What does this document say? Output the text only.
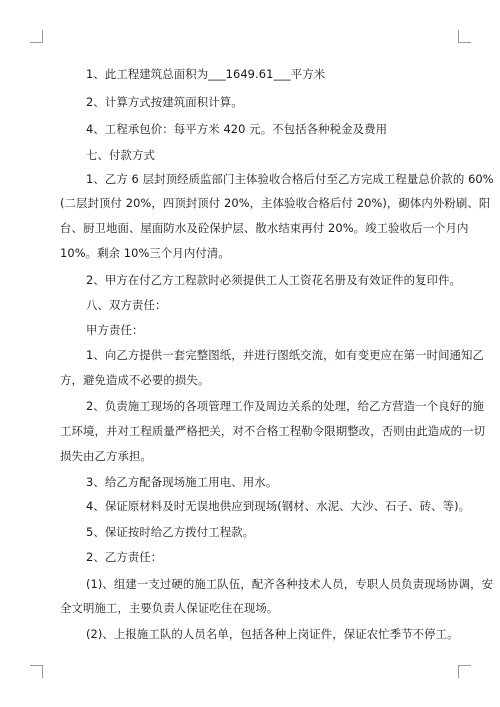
1、此工程建筑总面积为___1649.61___平方米
2、计算方式按建筑面积计算。
4、工程承包价：每平方米 420 元。不包括各种税金及费用
七、付款方式
1、乙方 6 层封顶经质监部门主体验收合格后付至乙方完成工程量总价款的 60%
(二层封顶付 20%，四顶封顶付 20%，主体验收合格后付 20%)，砌体内外粉刷、阳
台、厨卫地面、屋面防水及砼保护层、散水结束再付 20%。竣工验收后一个月内
10%。剩余 10%三个月内付清。
2、甲方在付乙方工程款时必须提供工人工资花名册及有效证件的复印件。
八、双方责任：
甲方责任：
1、向乙方提供一套完整图纸，并进行图纸交流，如有变更应在第一时间通知乙
方，避免造成不必要的损失。
2、负责施工现场的各项管理工作及周边关系的处理，给乙方营造一个良好的施
工环境，并对工程质量严格把关，对不合格工程勒令限期整改，否则由此造成的一切
损失由乙方承担。
3、给乙方配备现场施工用电、用水。
4、保证原材料及时无误地供应到现场(钢材、水泥、大沙、石子、砖、等)。
5、保证按时给乙方拨付工程款。
2、乙方责任：
(1)、组建一支过硬的施工队伍，配齐各种技术人员，专职人员负责现场协调，安
全文明施工，主要负责人保证吃住在现场。
(2)、上报施工队的人员名单，包括各种上岗证件，保证农忙季节不停工。
